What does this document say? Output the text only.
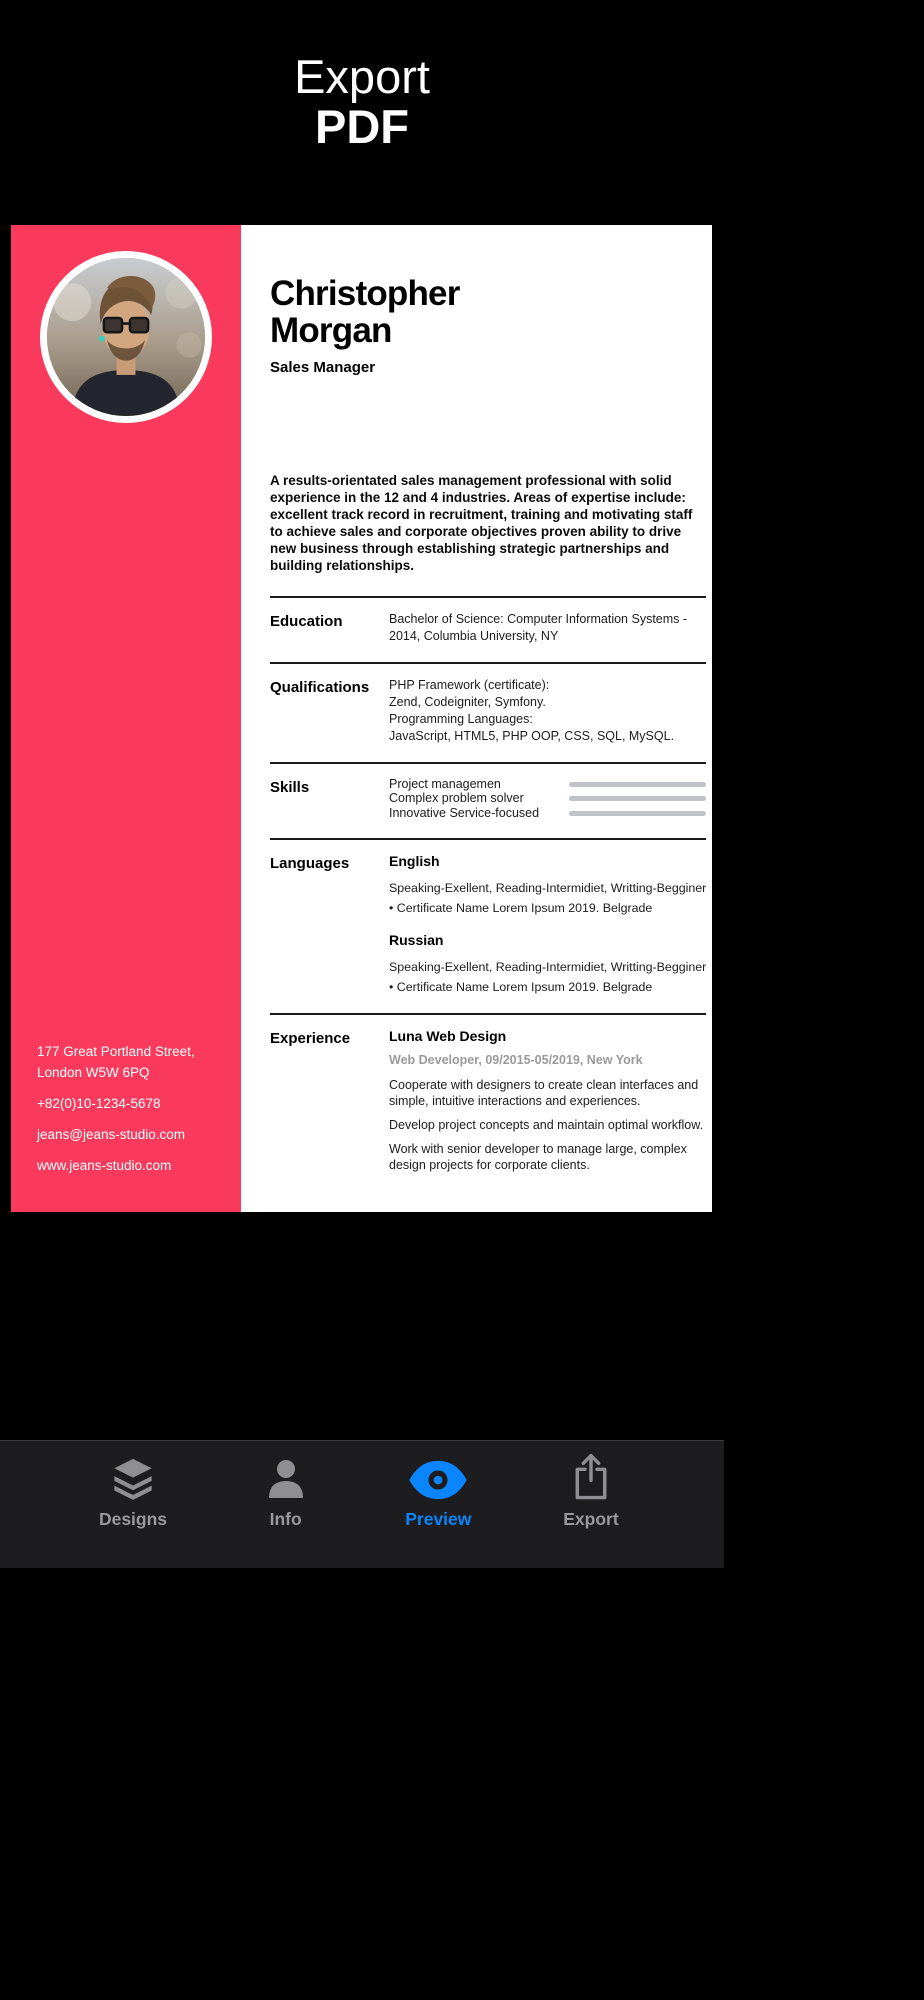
Export
PDF
177 Great Portland Street,
London W5W 6PQ
+82(0)10-1234-5678
jeans@jeans-studio.com
www.jeans-studio.com
Christopher
Morgan
Sales Manager
A results-orientated sales management professional with solid experience in the 12 and 4 industries. Areas of expertise include: excellent track record in recruitment, training and motivating staff to achieve sales and corporate objectives proven ability to drive new business through establishing strategic partnerships and building relationships.
Education	Bachelor of Science: Computer Information Systems - 2014, Columbia University, NY
Qualifications	PHP Framework (certificate):
Zend, Codeigniter, Symfony.
Programming Languages:
JavaScript, HTML5, PHP OOP, CSS, SQL, MySQL.
Skills	Project managemen
Complex problem solver
Innovative Service-focused
Languages	English
Speaking-Exellent, Reading-Intermidiet, Writting-Begginer
• Certificate Name Lorem Ipsum 2019. Belgrade
Russian
Speaking-Exellent, Reading-Intermidiet, Writting-Begginer
• Certificate Name Lorem Ipsum 2019. Belgrade
Experience	Luna Web Design
Web Developer, 09/2015-05/2019, New York
Cooperate with designers to create clean interfaces and simple, intuitive interactions and experiences.
Develop project concepts and maintain optimal workflow.
Work with senior developer to manage large, complex design projects for corporate clients.
Designs	Info	Preview	Export
